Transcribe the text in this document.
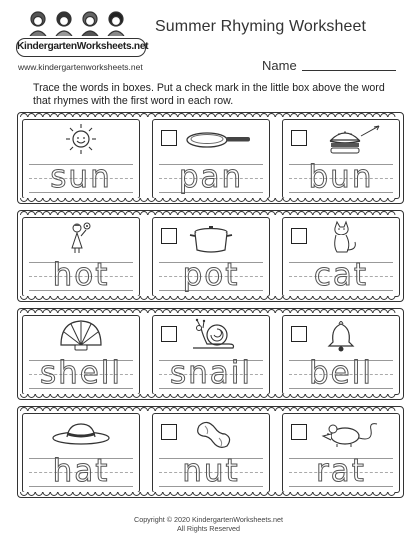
KindergartenWorksheets.net
www.kindergartenworksheets.net
Summer Rhyming Worksheet
Name
Trace the words in boxes. Put a check mark in the little box above the word that rhymes with the first word in each row.
sun	pan	bun
hot	pot	cat
shell	snail	bell
hat	nut	rat
Copyright © 2020 KindergartenWorksheets.net
All Rights Reserved
